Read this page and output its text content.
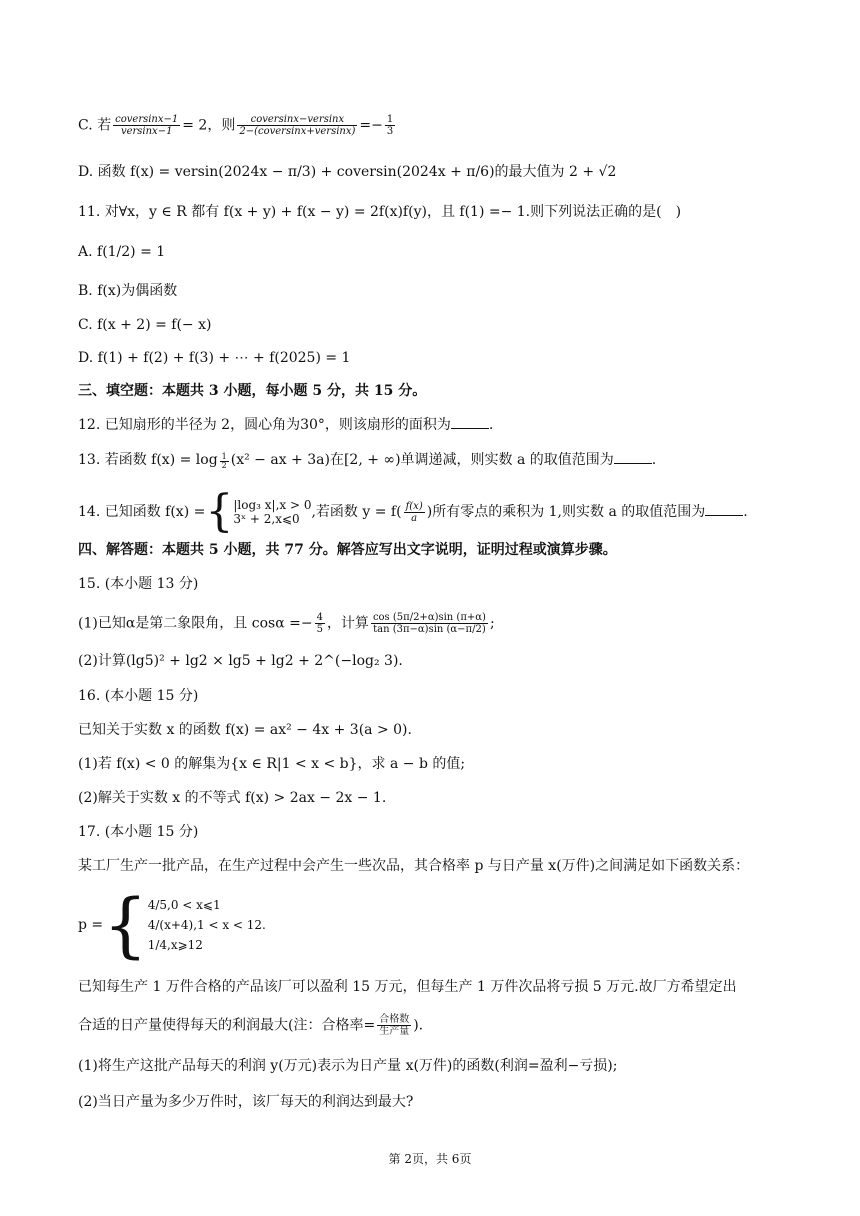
C. 若 $\frac{\text{coversinx−1}}{\text{versinx−1}} = 2$，则 $\frac{\text{coversinx−versinx}}{\text{2−(coversinx+versinx)}} =- \frac{1}{3}$
D. 函数 f(x) = versin(2024x − π/3) + coversin(2024x + π/6)的最大值为 2 + √2
11. 对∀x，y ∈ R 都有 f(x + y) + f(x − y) = 2f(x)f(y)，且 f(1) =− 1.则下列说法正确的是(　)
A. f(1/2) = 1
B. f(x)为偶函数
C. f(x + 2) = f(− x)
D. f(1) + f(2) + f(3) + ⋯ + f(2025) = 1
三、填空题：本题共 3 小题，每小题 5 分，共 15 分。
12. 已知扇形的半径为 2，圆心角为30°，则该扇形的面积为	.
13. 若函数 $f(x) = \log \frac{1}{2} (x^2$ − ax + 3a)在[2, + ∞)单调递减，则实数 a 的取值范围为	.
14. 已知函数 f(x) ={ |log₃ x|,x > 0
3ˣ + 2,x⩽0 ,若函数 $y = f( \frac{f(x)}{a}$ )所有零点的乘积为 1,则实数 a 的取值范围为	.
四、解答题：本题共 5 小题，共 77 分。解答应写出文字说明，证明过程或演算步骤。
15. (本小题 13 分)
(1)已知α是第二象限角，且 $\cos\alpha =- \frac{4}{5}$ ，计算 $\frac{\cos (5\pi/2+\alpha)\sin (\pi+\alpha)}{\tan (3\pi-\alpha)\sin (\alpha-\pi/2)}$ ;
(2)计算(lg5)² + lg2 × lg5 + lg2 + 2^(−log₂ 3).
16. (本小题 15 分)
已知关于实数 x 的函数 f(x) = ax² − 4x + 3(a > 0).
(1)若 f(x) < 0 的解集为{x ∈ R|1 < x < b}，求 a − b 的值;
(2)解关于实数 x 的不等式 f(x) > 2ax − 2x − 1.
17. (本小题 15 分)
某工厂生产一批产品，在生产过程中会产生一些次品，其合格率 p 与日产量 x(万件)之间满足如下函数关系：
p ={ 4/5,0 < x⩽1
4/(x+4),1 < x < 12.
1/4,x⩾12
已知每生产 1 万件合格的产品该厂可以盈利 15 万元，但每生产 1 万件次品将亏损 5 万元.故厂方希望定出
合适的日产量使得每天的利润最大(注：合格率= $\frac{\text{合格数}}{\text{生产量}}$ ).
(1)将生产这批产品每天的利润 y(万元)表示为日产量 x(万件)的函数(利润=盈利−亏损);
(2)当日产量为多少万件时，该厂每天的利润达到最大?
第 2页，共 6页
